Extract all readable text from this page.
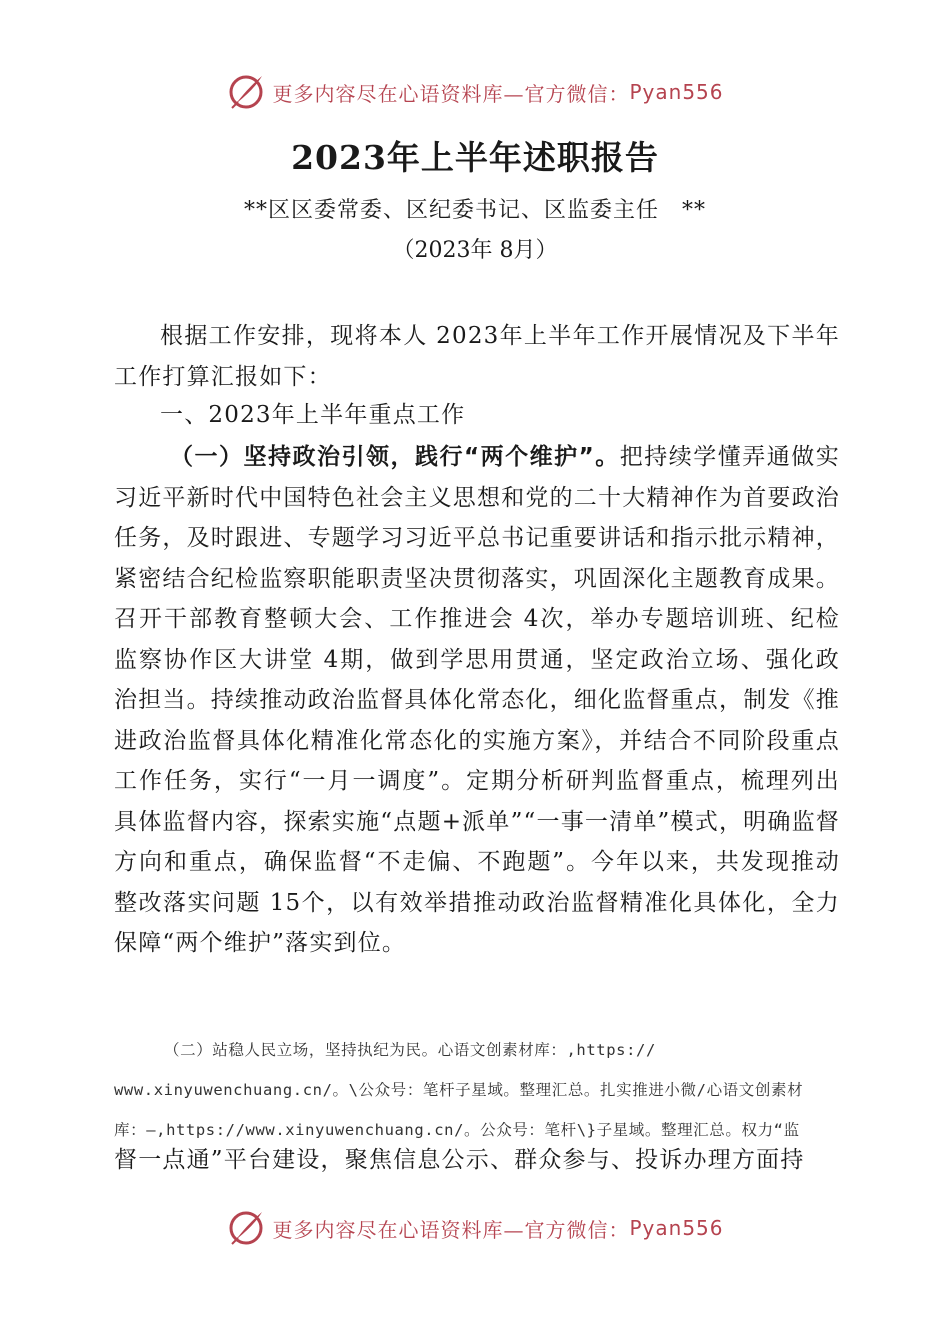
更多内容尽在心语资料库—官方微信： Pyan556
2023年上半年述职报告
**区区委常委、区纪委书记、区监委主任　**
（2023年 8月）
根据工作安排，现将本人 2023年上半年工作开展情况及下半年工作打算汇报如下：
一、2023年上半年重点工作
（一）坚持政治引领，践行“两个维护”。把持续学懂弄通做实习近平新时代中国特色社会主义思想和党的二十大精神作为首要政治任务，及时跟进、专题学习习近平总书记重要讲话和指示批示精神，紧密结合纪检监察职能职责坚决贯彻落实，巩固深化主题教育成果。召开干部教育整顿大会、工作推进会 4次，举办专题培训班、纪检监察协作区大讲堂 4期，做到学思用贯通，坚定政治立场、强化政治担当。持续推动政治监督具体化常态化，细化监督重点，制发《推进政治监督具体化精准化常态化的实施方案》，并结合不同阶段重点工作任务，实行“一月一调度”。定期分析研判监督重点，梳理列出具体监督内容，探索实施“点题+派单”“一事一清单”模式，明确监督方向和重点，确保监督“不走偏、不跑题”。今年以来，共发现推动整改落实问题 15个，以有效举措推动政治监督精准化具体化，全力保障“两个维护”落实到位。
（二）站稳人民立场，坚持执纪为民。心语文创素材库：,https://
www.xinyuwenchuang.cn/。\公众号：笔杆子星域。整理汇总。扎实推进小微/心语文创素材
库：—,https://www.xinyuwenchuang.cn/。公众号：笔杆\}子星域。整理汇总。权力“监
督一点通”平台建设，聚焦信息公示、群众参与、投诉办理方面持
更多内容尽在心语资料库—官方微信： Pyan556
